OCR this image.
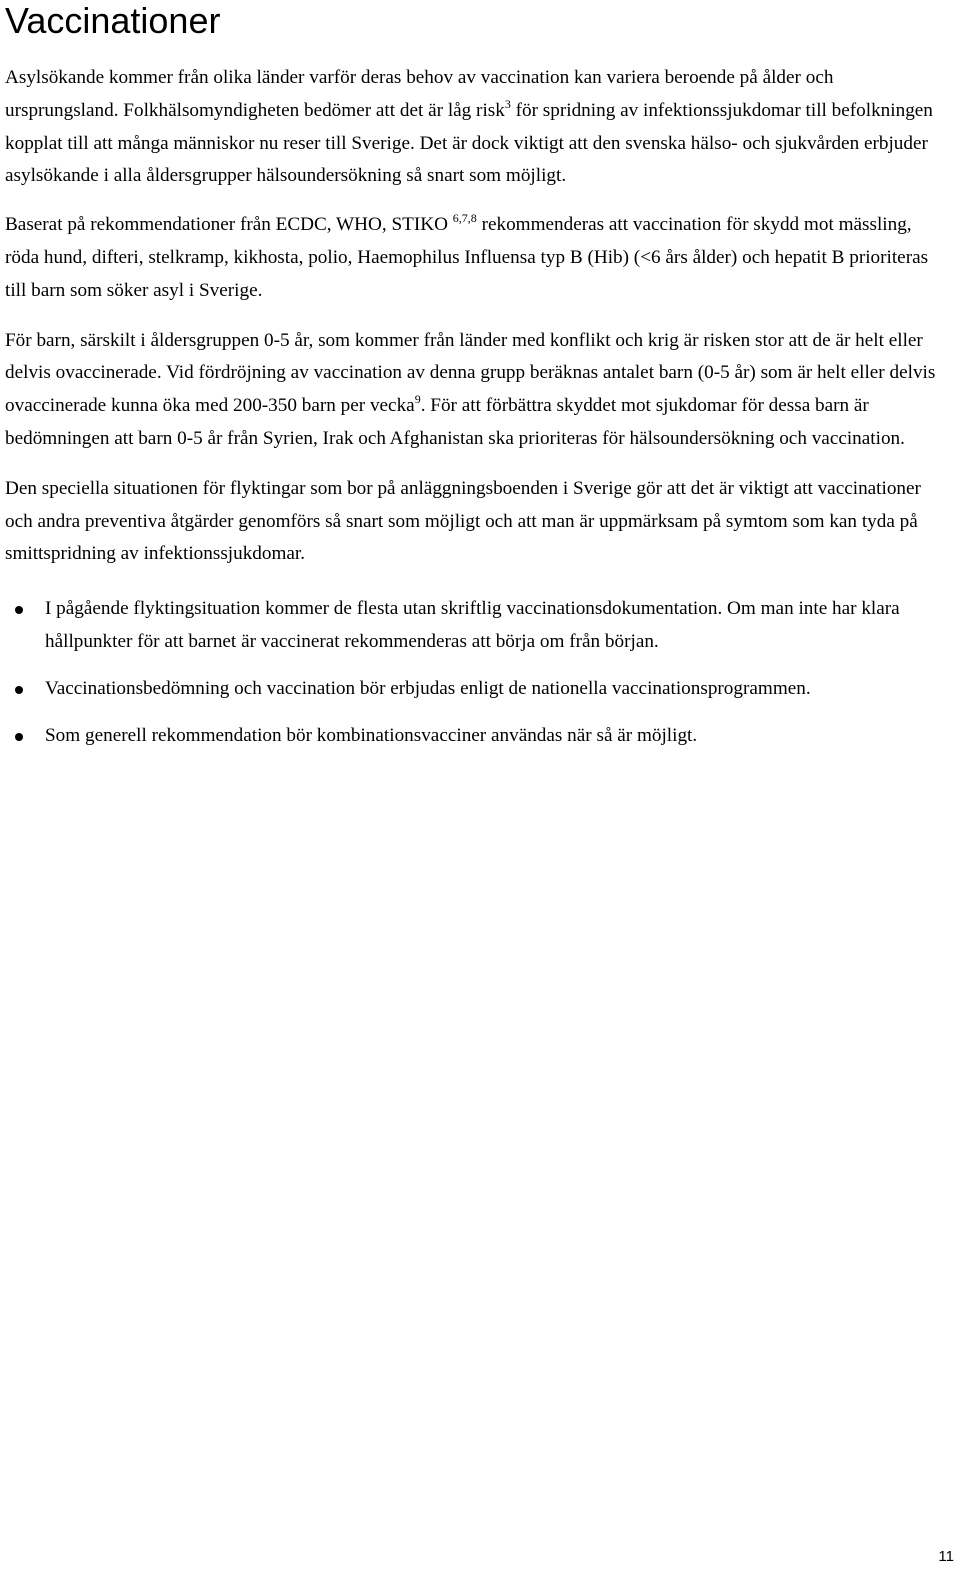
Vaccinationer

Asylsökande kommer från olika länder varför deras behov av vaccination kan variera beroende på ålder och ursprungsland. Folkhälsomyndigheten bedömer att det är låg risk$^3$ för spridning av infektionssjukdomar till befolkningen kopplat till att många människor nu reser till Sverige. Det är dock viktigt att den svenska hälso- och sjukvården erbjuder asylsökande i alla åldersgrupper hälsoundersökning så snart som möjligt.

Baserat på rekommendationer från ECDC, WHO, STIKO $^{6,7,8}$ rekommenderas att vaccination för skydd mot mässling, röda hund, difteri, stelkramp, kikhosta, polio, Haemophilus Influensa typ B (Hib) (<6 års ålder) och hepatit B prioriteras till barn som söker asyl i Sverige.

För barn, särskilt i åldersgruppen 0-5 år, som kommer från länder med konflikt och krig är risken stor att de är helt eller delvis ovaccinerade. Vid fördröjning av vaccination av denna grupp beräknas antalet barn (0-5 år) som är helt eller delvis ovaccinerade kunna öka med 200-350 barn per vecka$^9$. För att förbättra skyddet mot sjukdomar för dessa barn är bedömningen att barn 0-5 år från Syrien, Irak och Afghanistan ska prioriteras för hälsoundersökning och vaccination.

Den speciella situationen för flyktingar som bor på anläggningsboenden i Sverige gör att det är viktigt att vaccinationer och andra preventiva åtgärder genomförs så snart som möjligt och att man är uppmärksam på symtom som kan tyda på smittspridning av infektionssjukdomar.

I pågående flyktingsituation kommer de flesta utan skriftlig vaccinationsdokumentation. Om man inte har klara hållpunkter för att barnet är vaccinerat rekommenderas att börja om från början.
Vaccinationsbedömning och vaccination bör erbjudas enligt de nationella vaccinationsprogrammen.
Som generell rekommendation bör kombinationsvacciner användas när så är möjligt.
11
